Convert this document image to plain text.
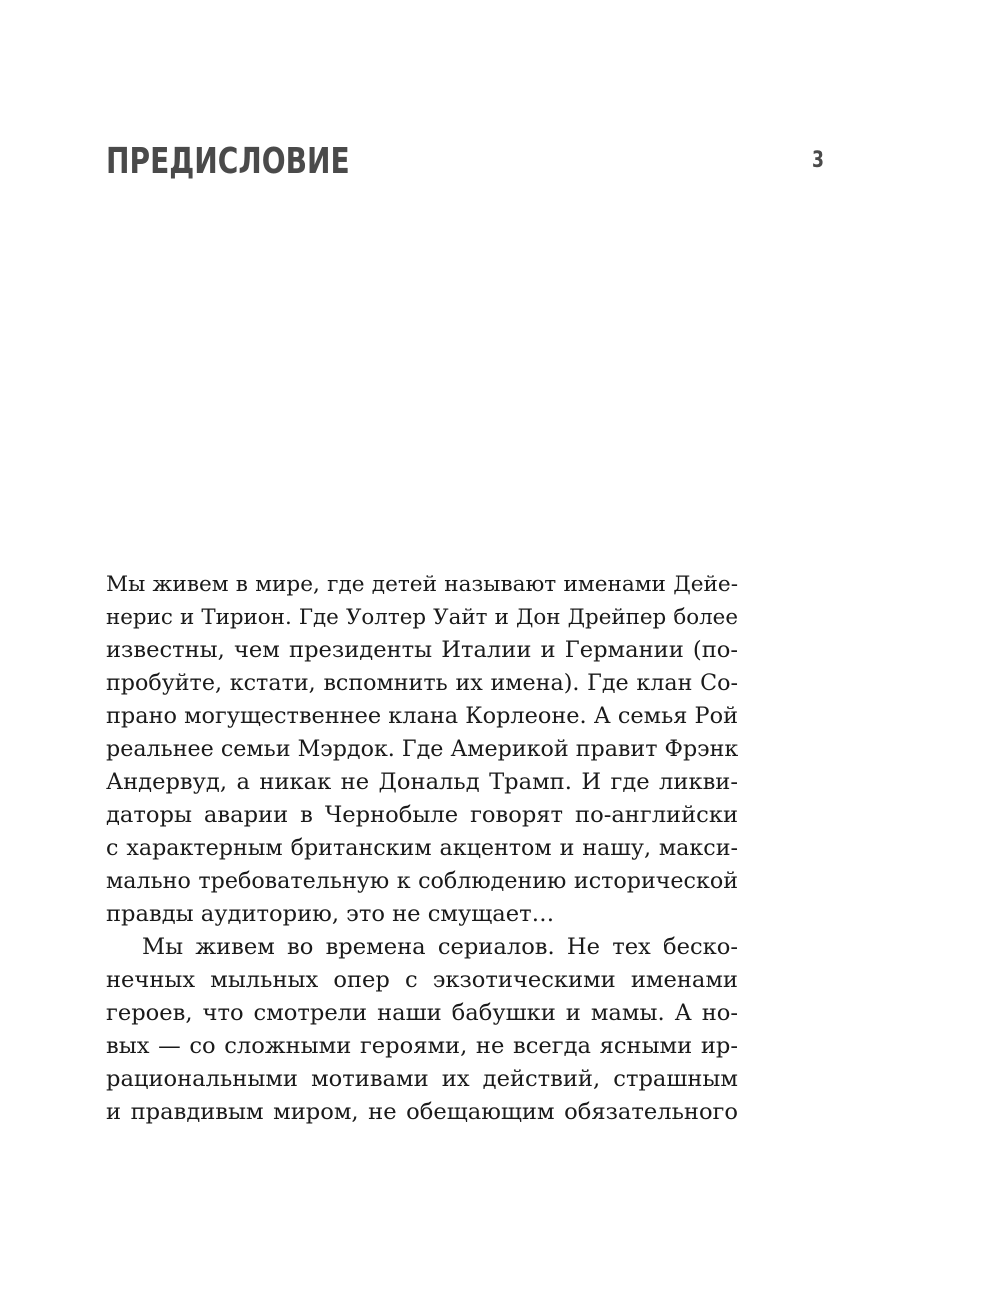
ПРЕДИСЛОВИЕ	3
Мы живем в мире, где детей называют именами Дейе-
нерис и Тирион. Где Уолтер Уайт и Дон Дрейпер более
известны, чем президенты Италии и Германии (по-
пробуйте, кстати, вспомнить их имена). Где клан Со-
прано могущественнее клана Корлеоне. А семья Рой
реальнее семьи Мэрдок. Где Америкой правит Фрэнк
Андервуд, а никак не Дональд Трамп. И где ликви-
даторы аварии в Чернобыле говорят по-английски
с характерным британским акцентом и нашу, макси-
мально требовательную к соблюдению исторической
правды аудиторию, это не смущает…
Мы живем во времена сериалов. Не тех беско-
нечных мыльных опер с экзотическими именами
героев, что смотрели наши бабушки и мамы. А но-
вых — со сложными героями, не всегда ясными ир-
рациональными мотивами их действий, страшным
и правдивым миром, не обещающим обязательного
